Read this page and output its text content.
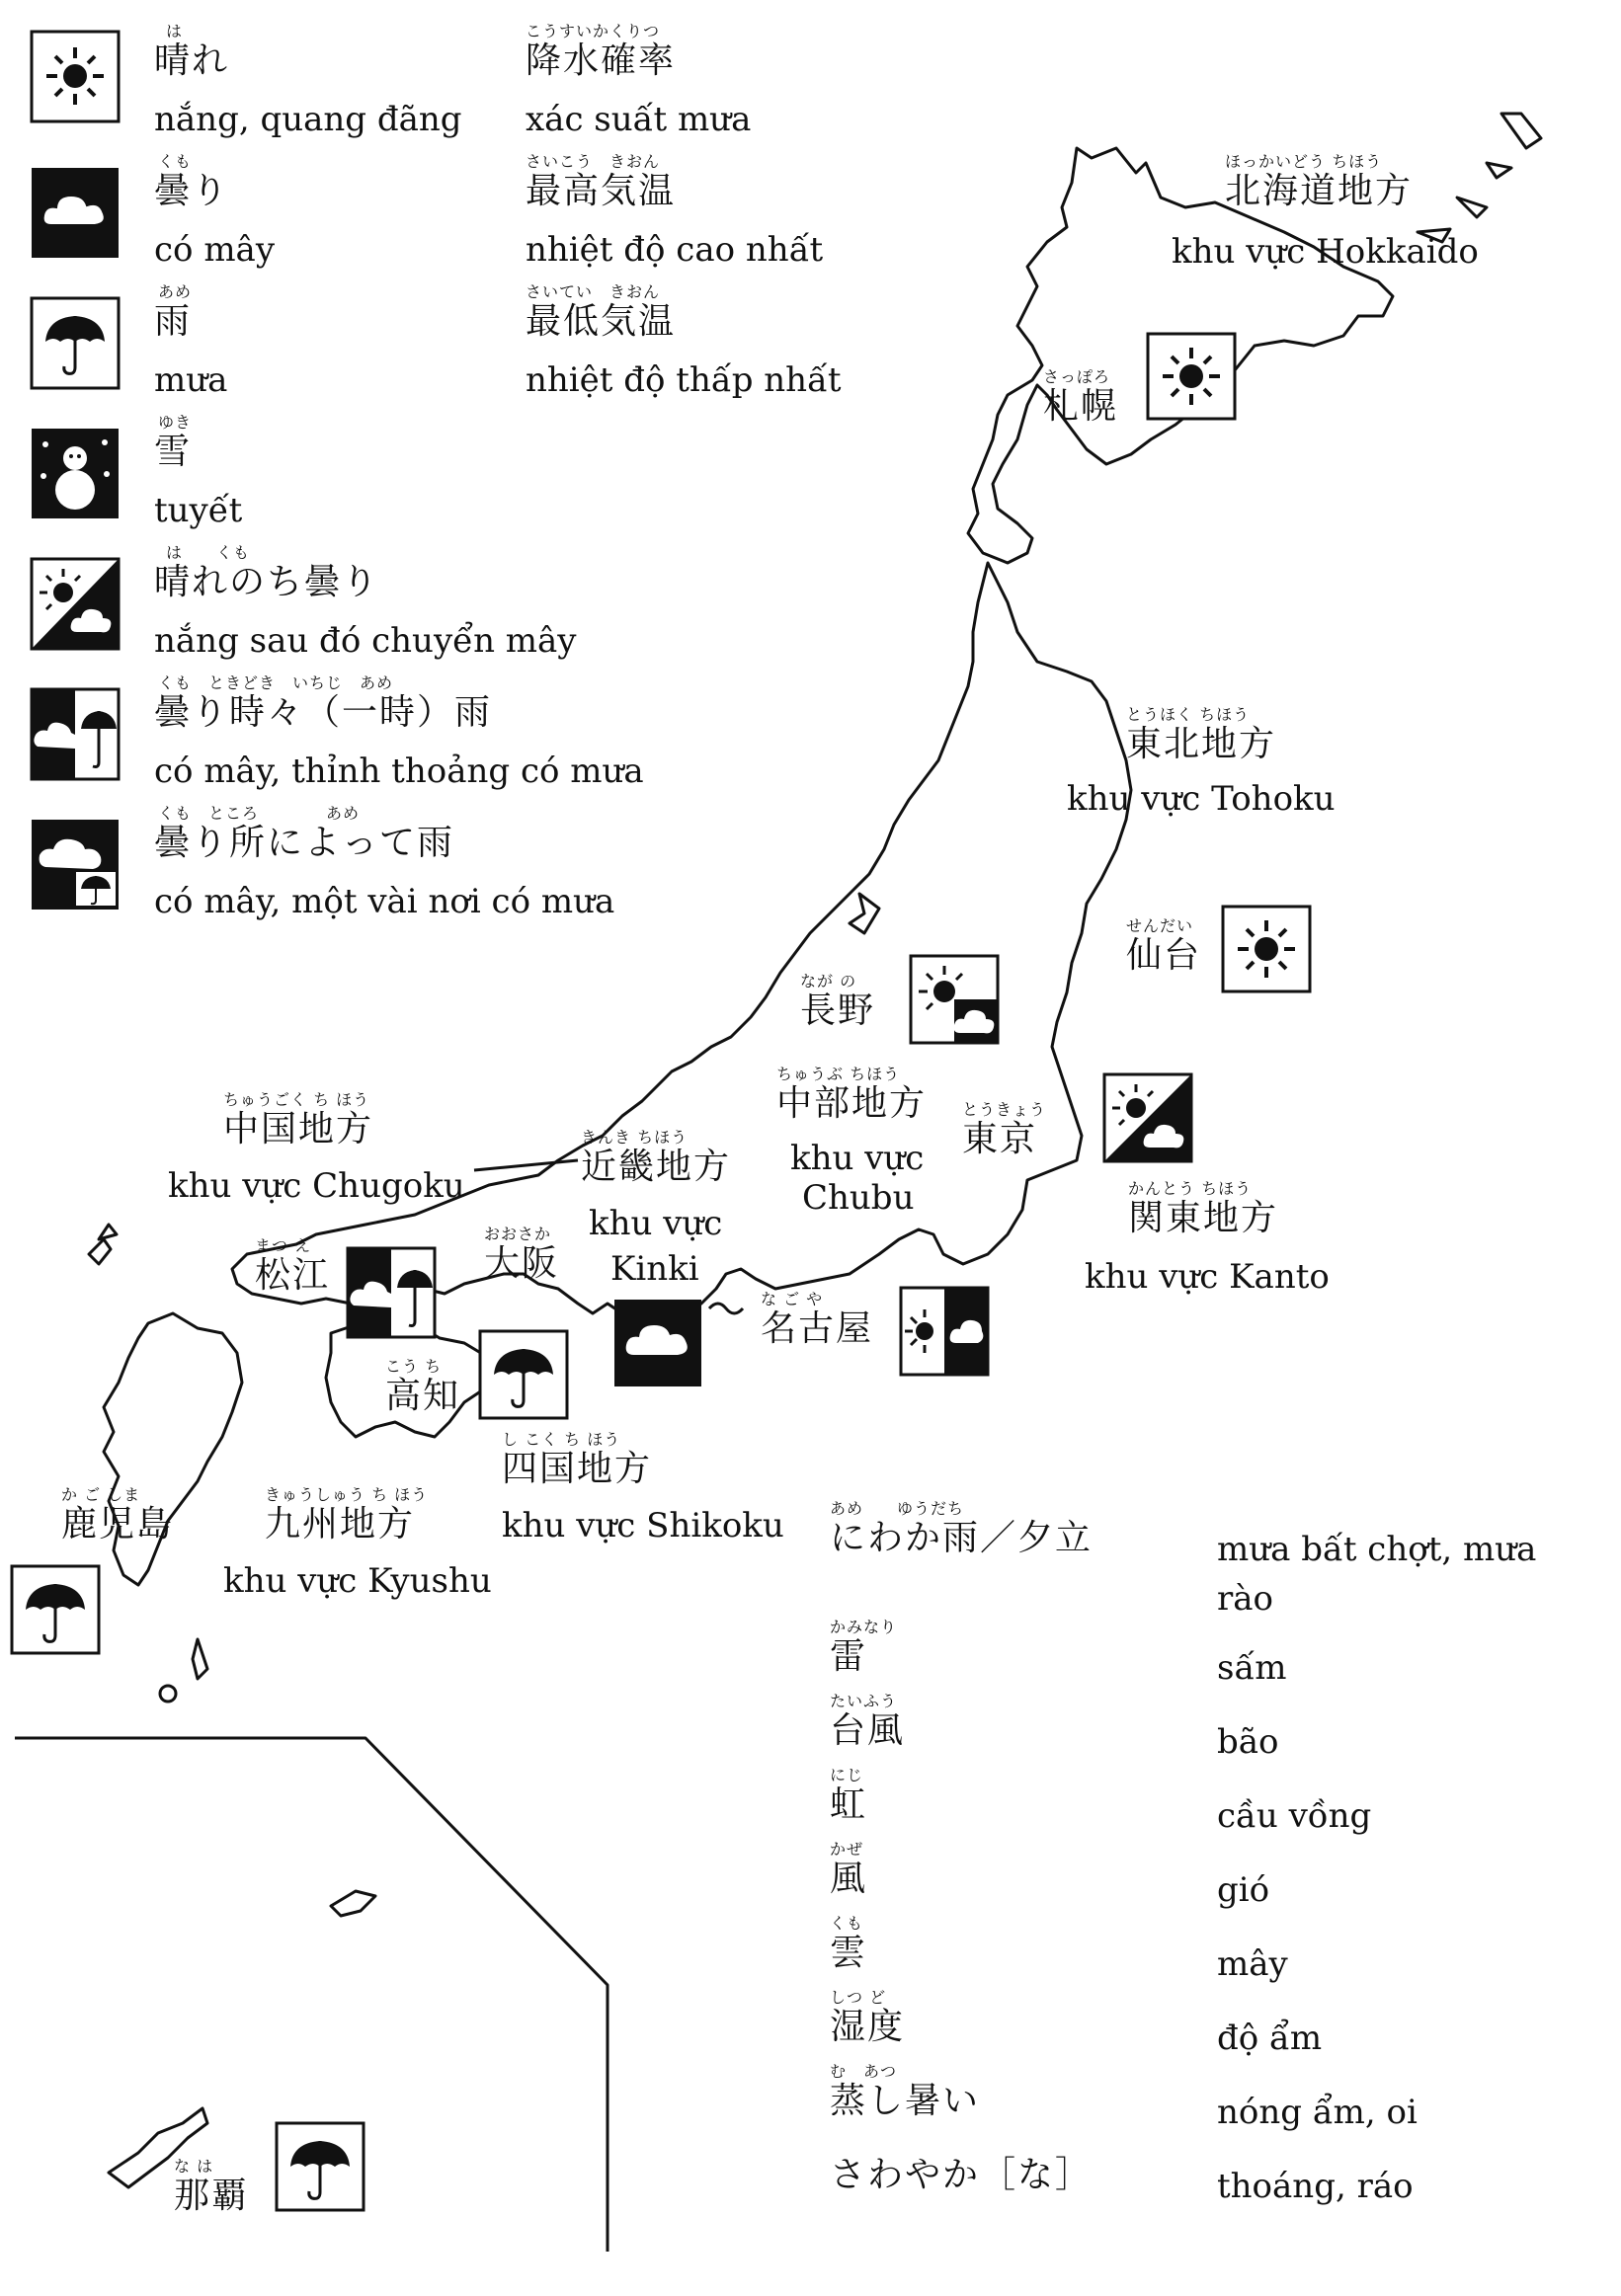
は
晴れ
nắng, quang đãng
くも
曇り
có mây
あめ
雨
mưa
ゆき
雪
tuyết
は　　くも
晴れのち曇り
nắng sau đó chuyển mây
くも　ときどき　いちじ　あめ
曇り時々（一時）雨
có mây, thỉnh thoảng có mưa
くも　ところ　　　　あめ
曇り所によって雨
có mây, một vài nơi có mưa
こうすいかくりつ
降水確率
xác suất mưa
さいこう　きおん
最高気温
nhiệt độ cao nhất
さいてい　きおん
最低気温
nhiệt độ thấp nhất
ほっかいどう ちほう
北海道地方
khu vực Hokkaido
とうほく ちほう
東北地方
khu vực Tohoku
ちゅうぶ ちほう
中部地方
khu vực
Chubu	かんとう ちほう
関東地方
khu vực Kanto
きんき ちほう
近畿地方
khu vực
Kinki
ちゅうごく ち ほう
中国地方
khu vực Chugoku
し こく ち ほう
四国地方
khu vực Shikoku
きゅうしゅう ち ほう
九州地方
khu vực Kyushu
さっぽろ
札幌
せんだい
仙台
なが の
長野
とうきょう
東京
な ご や
名古屋
おおさか
大阪
まつ え
松江
こう ち
高知
か ご しま
鹿児島
な は
那覇
あめ　　ゆうだち
にわか雨／夕立	mưa bất chợt, mưa
rào
かみなり
雷	sấm
たいふう
台風	bão
にじ
虹	cầu vồng
かぜ
風	gió
くも
雲	mây
しつ ど
湿度	độ ẩm
む　あつ
蒸し暑い	nóng ẩm, oi
さわやか［な］	thoáng, ráo
